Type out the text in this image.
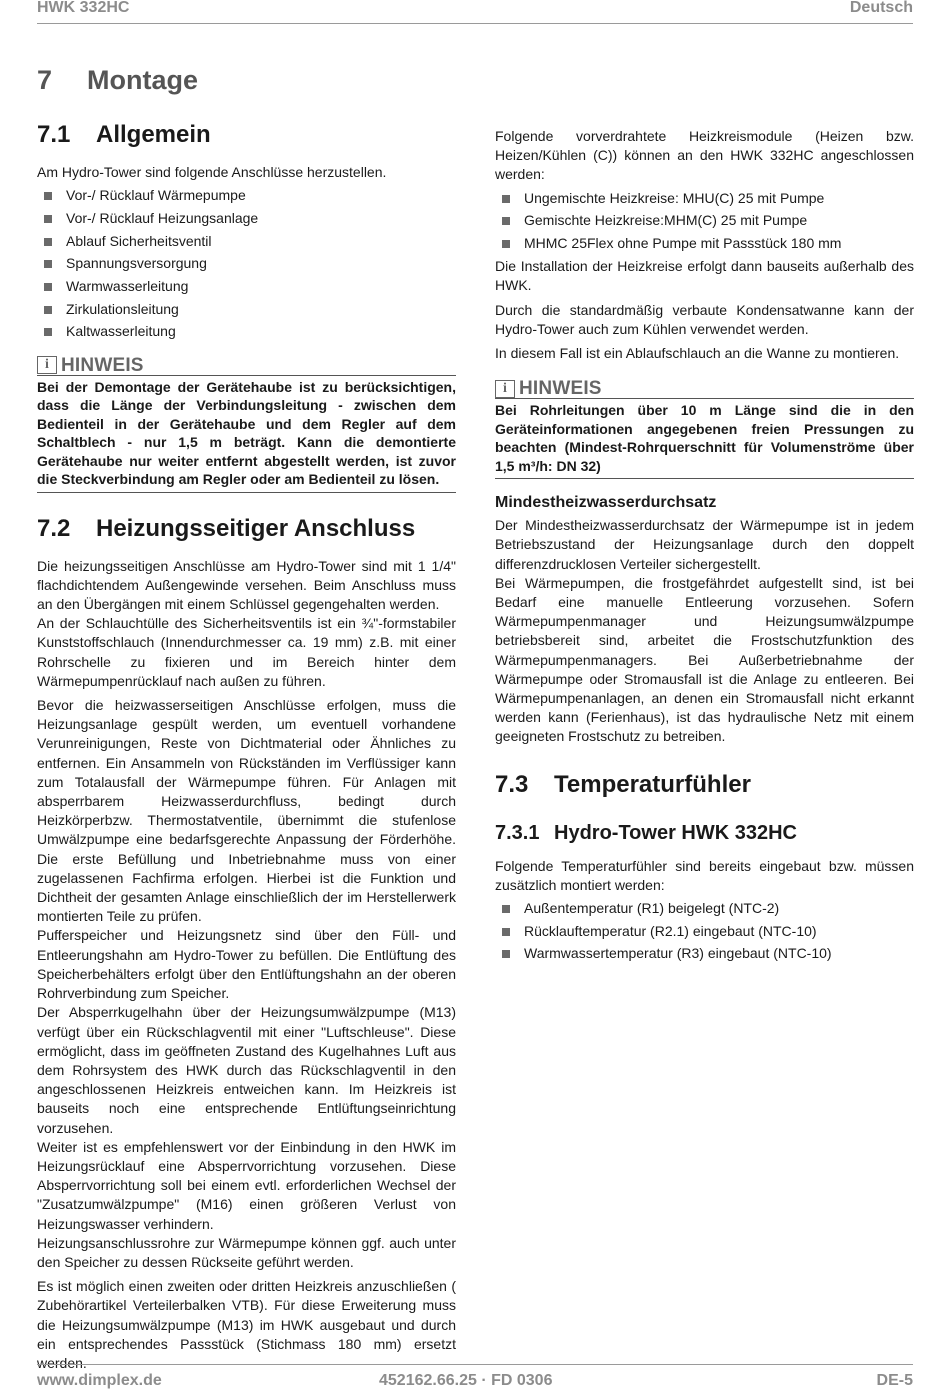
HWK 332HC	Deutsch
7 Montage
7.1 Allgemein

Am Hydro-Tower sind folgende Anschlüsse herzustellen.

Vor-/ Rücklauf Wärmepumpe
Vor-/ Rücklauf Heizungsanlage
Ablauf Sicherheitsventil
Spannungsversorgung
Warmwasserleitung
Zirkulationsleitung
Kaltwasserleitung
i HINWEIS

Bei der Demontage der Gerätehaube ist zu berücksichtigen, dass die Länge der Verbindungsleitung - zwischen dem Bedienteil in der Gerätehaube und dem Regler auf dem Schaltblech - nur 1,5 m beträgt. Kann die demontierte Gerätehaube nur weiter entfernt abgestellt werden, ist zuvor die Steckverbindung am Regler oder am Bedienteil zu lösen.

7.2 Heizungsseitiger Anschluss

Die heizungsseitigen Anschlüsse am Hydro-Tower sind mit 1 1/4" flachdichtendem Außengewinde versehen. Beim Anschluss muss an den Übergängen mit einem Schlüssel gegengehalten werden.

An der Schlauchtülle des Sicherheitsventils ist ein ¾"-formstabiler Kunststoffschlauch (Innendurchmesser ca. 19 mm) z.B. mit einer Rohrschelle zu fixieren und im Bereich hinter dem Wärmepumpenrücklauf nach außen zu führen.

Bevor die heizwasserseitigen Anschlüsse erfolgen, muss die Heizungsanlage gespült werden, um eventuell vorhandene Verunreinigungen, Reste von Dichtmaterial oder Ähnliches zu entfernen. Ein Ansammeln von Rückständen im Verflüssiger kann zum Totalausfall der Wärmepumpe führen. Für Anlagen mit absperrbarem Heizwasserdurchfluss, bedingt durch Heizkörperbzw. Thermostatventile, übernimmt die stufenlose Umwälzpumpe eine bedarfsgerechte Anpassung der Förderhöhe. Die erste Befüllung und Inbetriebnahme muss von einer zugelassenen Fachfirma erfolgen. Hierbei ist die Funktion und Dichtheit der gesamten Anlage einschließlich der im Herstellerwerk montierten Teile zu prüfen.

Pufferspeicher und Heizungsnetz sind über den Füll- und Entleerungshahn am Hydro-Tower zu befüllen. Die Entlüftung des Speicherbehälters erfolgt über den Entlüftungshahn an der oberen Rohrverbindung zum Speicher.

Der Absperrkugelhahn über der Heizungsumwälzpumpe (M13) verfügt über ein Rückschlagventil mit einer "Luftschleuse". Diese ermöglicht, dass im geöffneten Zustand des Kugelhahnes Luft aus dem Rohrsystem des HWK durch das Rückschlagventil in den angeschlossenen Heizkreis entweichen kann. Im Heizkreis ist bauseits noch eine entsprechende Entlüftungseinrichtung vorzusehen.

Weiter ist es empfehlenswert vor der Einbindung in den HWK im Heizungsrücklauf eine Absperrvorrichtung vorzusehen. Diese Absperrvorrichtung soll bei einem evtl. erforderlichen Wechsel der "Zusatzumwälzpumpe" (M16) einen größeren Verlust von Heizungswasser verhindern.

Heizungsanschlussrohre zur Wärmepumpe können ggf. auch unter den Speicher zu dessen Rückseite geführt werden.

Es ist möglich einen zweiten oder dritten Heizkreis anzuschließen ( Zubehörartikel Verteilerbalken VTB). Für diese Erweiterung muss die Heizungsumwälzpumpe (M13) im HWK ausgebaut und durch ein entsprechendes Passstück (Stichmass 180 mm) ersetzt werden.

Folgende vorverdrahtete Heizkreismodule (Heizen bzw. Heizen/Kühlen (C)) können an den HWK 332HC angeschlossen werden:

Ungemischte Heizkreise: MHU(C) 25 mit Pumpe
Gemischte Heizkreise:MHM(C) 25 mit Pumpe
MHMC 25Flex ohne Pumpe mit Passstück 180 mm

Die Installation der Heizkreise erfolgt dann bauseits außerhalb des HWK.

Durch die standardmäßig verbaute Kondensatwanne kann der Hydro-Tower auch zum Kühlen verwendet werden.

In diesem Fall ist ein Ablaufschlauch an die Wanne zu montieren.

i HINWEIS

Bei Rohrleitungen über 10 m Länge sind die in den Geräteinformationen angegebenen freien Pressungen zu beachten (Mindest-Rohrquerschnitt für Volumenströme über 1,5 m³/h: DN 32)

Mindestheizwasserdurchsatz

Der Mindestheizwasserdurchsatz der Wärmepumpe ist in jedem Betriebszustand der Heizungsanlage durch den doppelt differenzdrucklosen Verteiler sichergestellt.

Bei Wärmepumpen, die frostgefährdet aufgestellt sind, ist bei Bedarf eine manuelle Entleerung vorzusehen. Sofern Wärmepumpenmanager und Heizungsumwälzpumpe betriebsbereit sind, arbeitet die Frostschutzfunktion des Wärmepumpenmanagers. Bei Außerbetriebnahme der Wärmepumpe oder Stromausfall ist die Anlage zu entleeren. Bei Wärmepumpenanlagen, an denen ein Stromausfall nicht erkannt werden kann (Ferienhaus), ist das hydraulische Netz mit einem geeigneten Frostschutz zu betreiben.

7.3 Temperaturfühler
7.3.1 Hydro-Tower HWK 332HC

Folgende Temperaturfühler sind bereits eingebaut bzw. müssen zusätzlich montiert werden:

Außentemperatur (R1) beigelegt (NTC-2)
Rücklauftemperatur (R2.1) eingebaut (NTC-10)
Warmwassertemperatur (R3) eingebaut (NTC-10)
www.dimplex.de	452162.66.25 · FD 0306	DE-5
